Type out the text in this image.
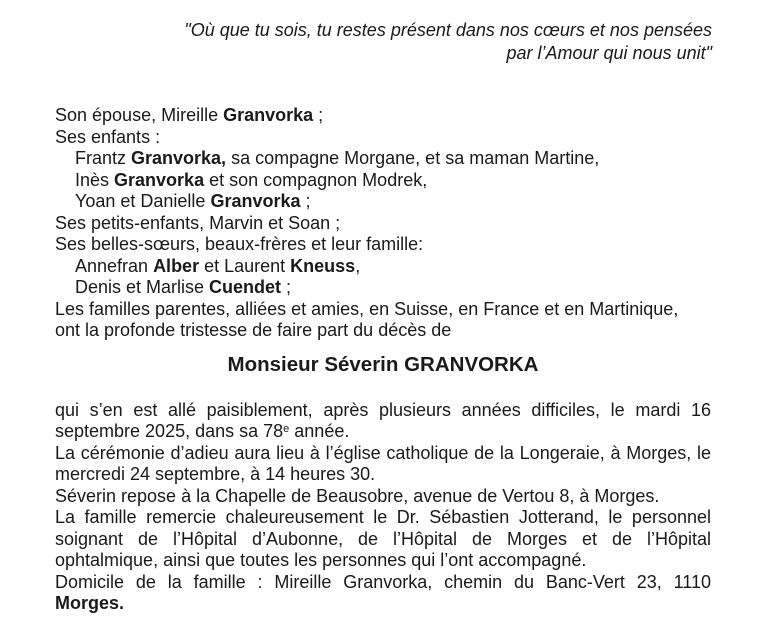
"Où que tu sois, tu restes présent dans nos cœurs et nos pensées
par l’Amour qui nous unit"
Son épouse, Mireille Granvorka ;
Ses enfants :
Frantz Granvorka, sa compagne Morgane, et sa maman Martine,
Inès Granvorka et son compagnon Modrek,
Yoan et Danielle Granvorka ;
Ses petits-enfants, Marvin et Soan ;
Ses belles-sœurs, beaux-frères et leur famille:
Annefran Alber et Laurent Kneuss,
Denis et Marlise Cuendet ;
Les familles parentes, alliées et amies, en Suisse, en France et en Martinique,
ont la profonde tristesse de faire part du décès de
Monsieur Séverin GRANVORKA
qui s’en est allé paisiblement, après plusieurs années difficiles, le mardi 16
septembre 2025, dans sa 78e année.
La cérémonie d’adieu aura lieu à l’église catholique de la Longeraie, à Morges, le
mercredi 24 septembre, à 14 heures 30.
Séverin repose à la Chapelle de Beausobre, avenue de Vertou 8, à Morges.
La famille remercie chaleureusement le Dr. Sébastien Jotterand, le personnel
soignant de l’Hôpital d’Aubonne, de l’Hôpital de Morges et de l’Hôpital
ophtalmique, ainsi que toutes les personnes qui l’ont accompagné.
Domicile de la famille : Mireille Granvorka, chemin du Banc-Vert 23, 1110
Morges.
